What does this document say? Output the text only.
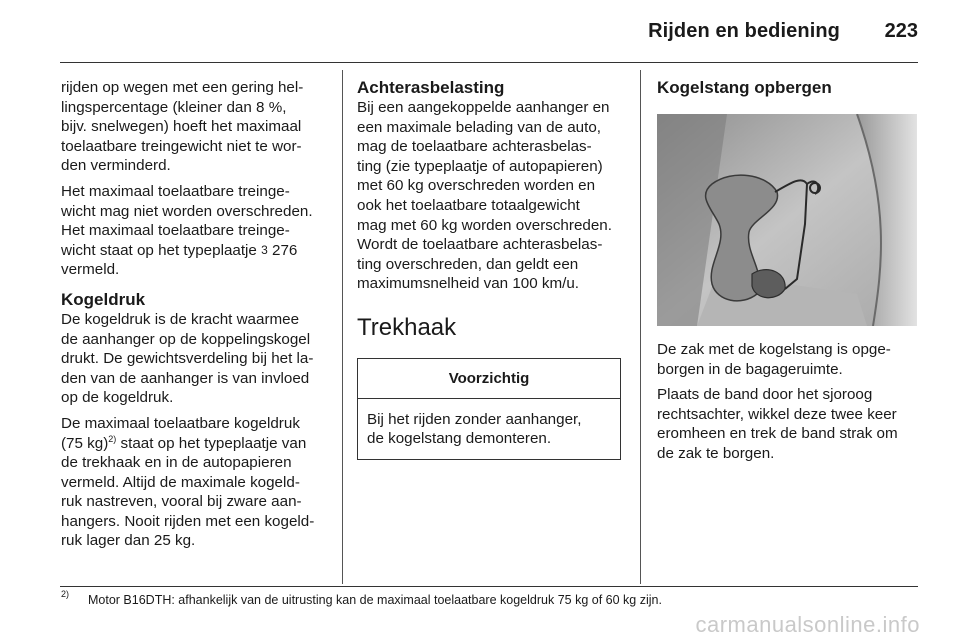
Rijden en bediening 223

rijden op wegen met een gering hel-
lingspercentage (kleiner dan 8 %,
bijv. snelwegen) hoeft het maximaal
toelaatbare treingewicht niet te wor-
den verminderd.

Het maximaal toelaatbare treinge-
wicht mag niet worden overschreden.
Het maximaal toelaatbare treinge-
wicht staat op het typeplaatje 3 276
vermeld.

Kogeldruk

De kogeldruk is de kracht waarmee
de aanhanger op de koppelingskogel
drukt. De gewichtsverdeling bij het la-
den van de aanhanger is van invloed
op de kogeldruk.

De maximaal toelaatbare kogeldruk
(75 kg)$^{2)}$ staat op het typeplaatje van
de trekhaak en in de autopapieren
vermeld. Altijd de maximale kogeld-
ruk nastreven, vooral bij zware aan-
hangers. Nooit rijden met een kogeld-
ruk lager dan 25 kg.

Achterasbelasting

Bij een aangekoppelde aanhanger en
een maximale belading van de auto,
mag de toelaatbare achterasbelas-
ting (zie typeplaatje of autopapieren)
met 60 kg overschreden worden en
ook het toelaatbare totaalgewicht
mag met 60 kg worden overschreden.
Wordt de toelaatbare achterasbelas-
ting overschreden, dan geldt een
maximumsnelheid van 100 km/u.

Trekhaak
Voorzichtig
Bij het rijden zonder aanhanger,
de kogelstang demonteren.
Kogelstang opbergen

De zak met de kogelstang is opge-
borgen in de bagageruimte.

Plaats de band door het sjoroog
rechtsachter, wikkel deze twee keer
eromheen en trek de band strak om
de zak te borgen.

2) Motor B16DTH: afhankelijk van de uitrusting kan de maximaal toelaatbare kogeldruk 75 kg of 60 kg zijn.
carmanualsonline.info
